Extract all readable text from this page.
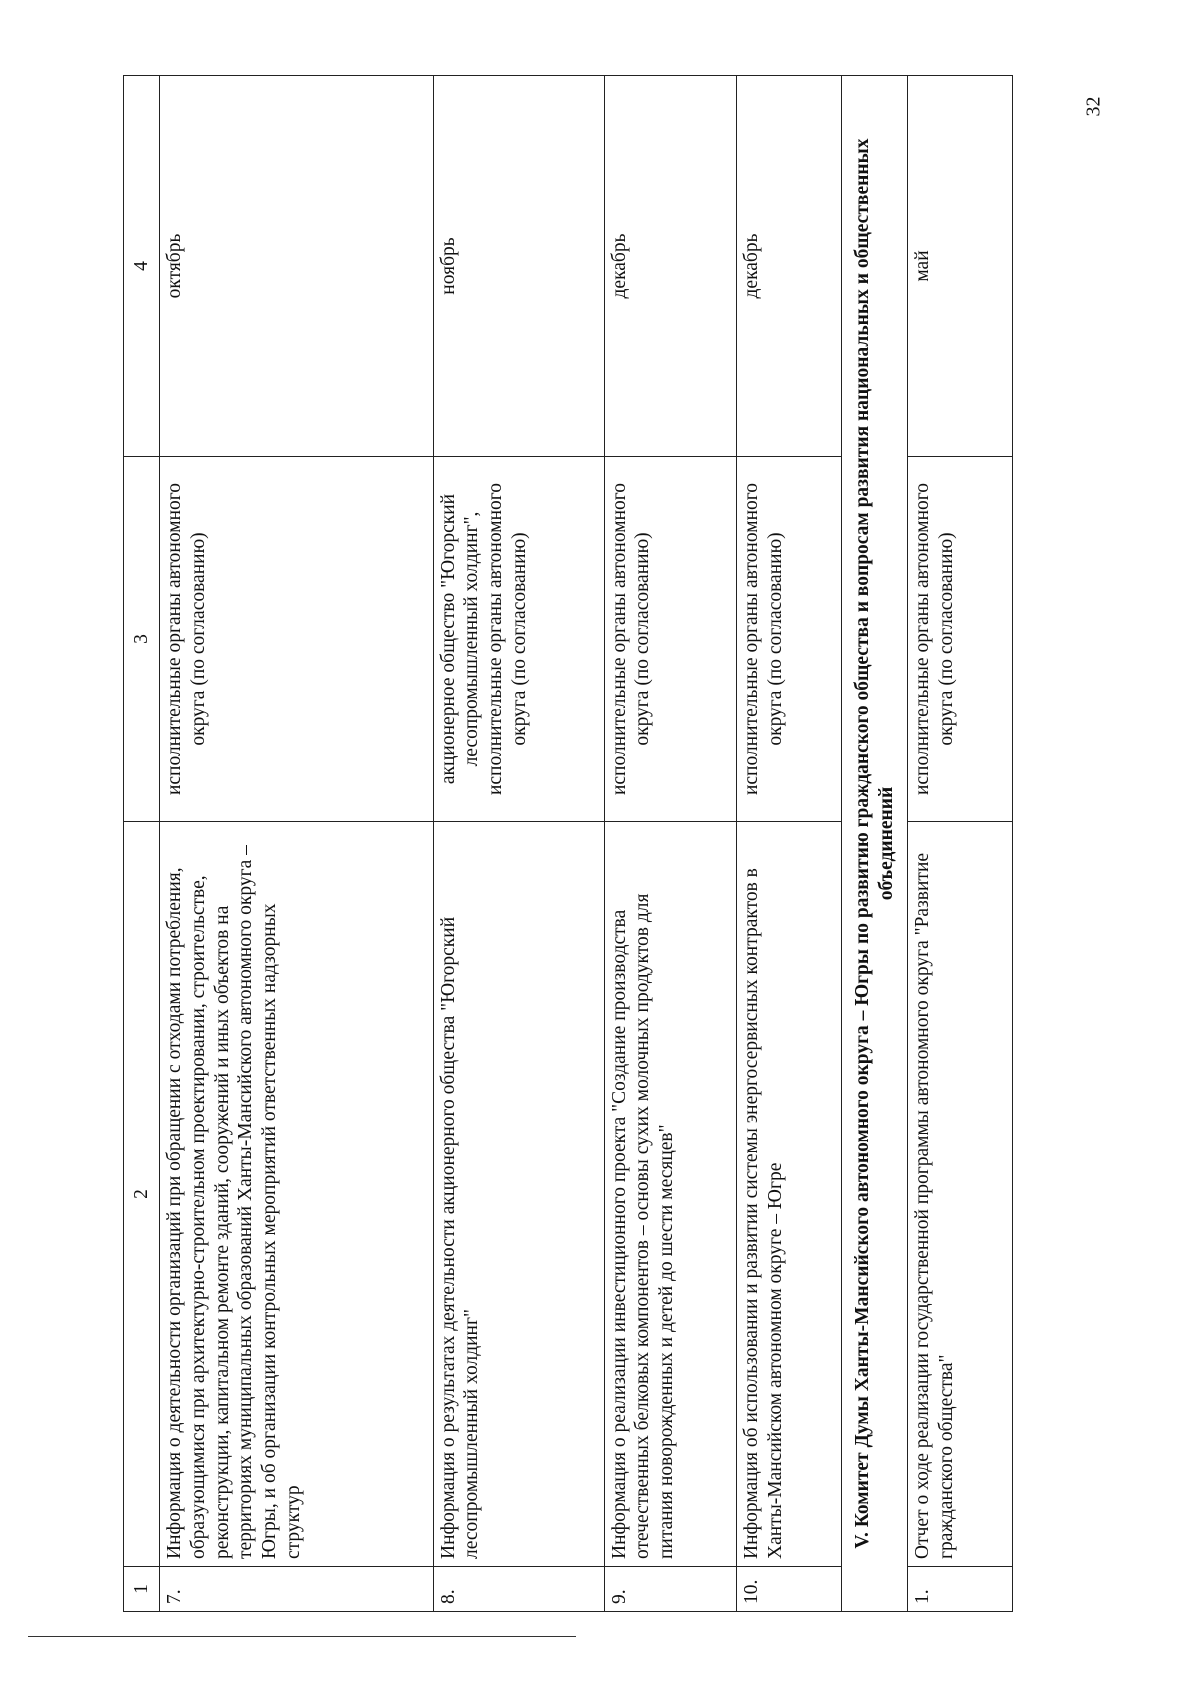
32
1	2	3	4
7.	Информация о деятельности организаций при обращении с отходами потребления, образующимися при архитектурно-строительном проектировании, строительстве, реконструкции, капитальном ремонте зданий, сооружений и иных объектов на территориях муниципальных образований Ханты-Мансийского автономного округа – Югры, и об организации контрольных мероприятий ответственных надзорных структур	исполнительные органы автономного округа (по согласованию)	октябрь
8.	Информация о результатах деятельности акционерного общества "Югорский лесопромышленный холдинг"	акционерное общество "Югорский лесопромышленный холдинг", исполнительные органы автономного округа (по согласованию)	ноябрь
9.	Информация о реализации инвестиционного проекта "Создание производства отечественных белковых компонентов – основы сухих молочных продуктов для питания новорожденных и детей до шести месяцев"	исполнительные органы автономного округа (по согласованию)	декабрь
10.	Информация об использовании и развитии системы энергосервисных контрактов в Ханты-Мансийском автономном округе – Югре	исполнительные органы автономного округа (по согласованию)	декабрь
V. Комитет Думы Ханты-Мансийского автономного округа – Югры по развитию гражданского общества и вопросам развития национальных и общественных объединений			
1.	Отчет о ходе реализации государственной программы автономного округа "Развитие гражданского общества"	исполнительные органы автономного округа (по согласованию)	май
